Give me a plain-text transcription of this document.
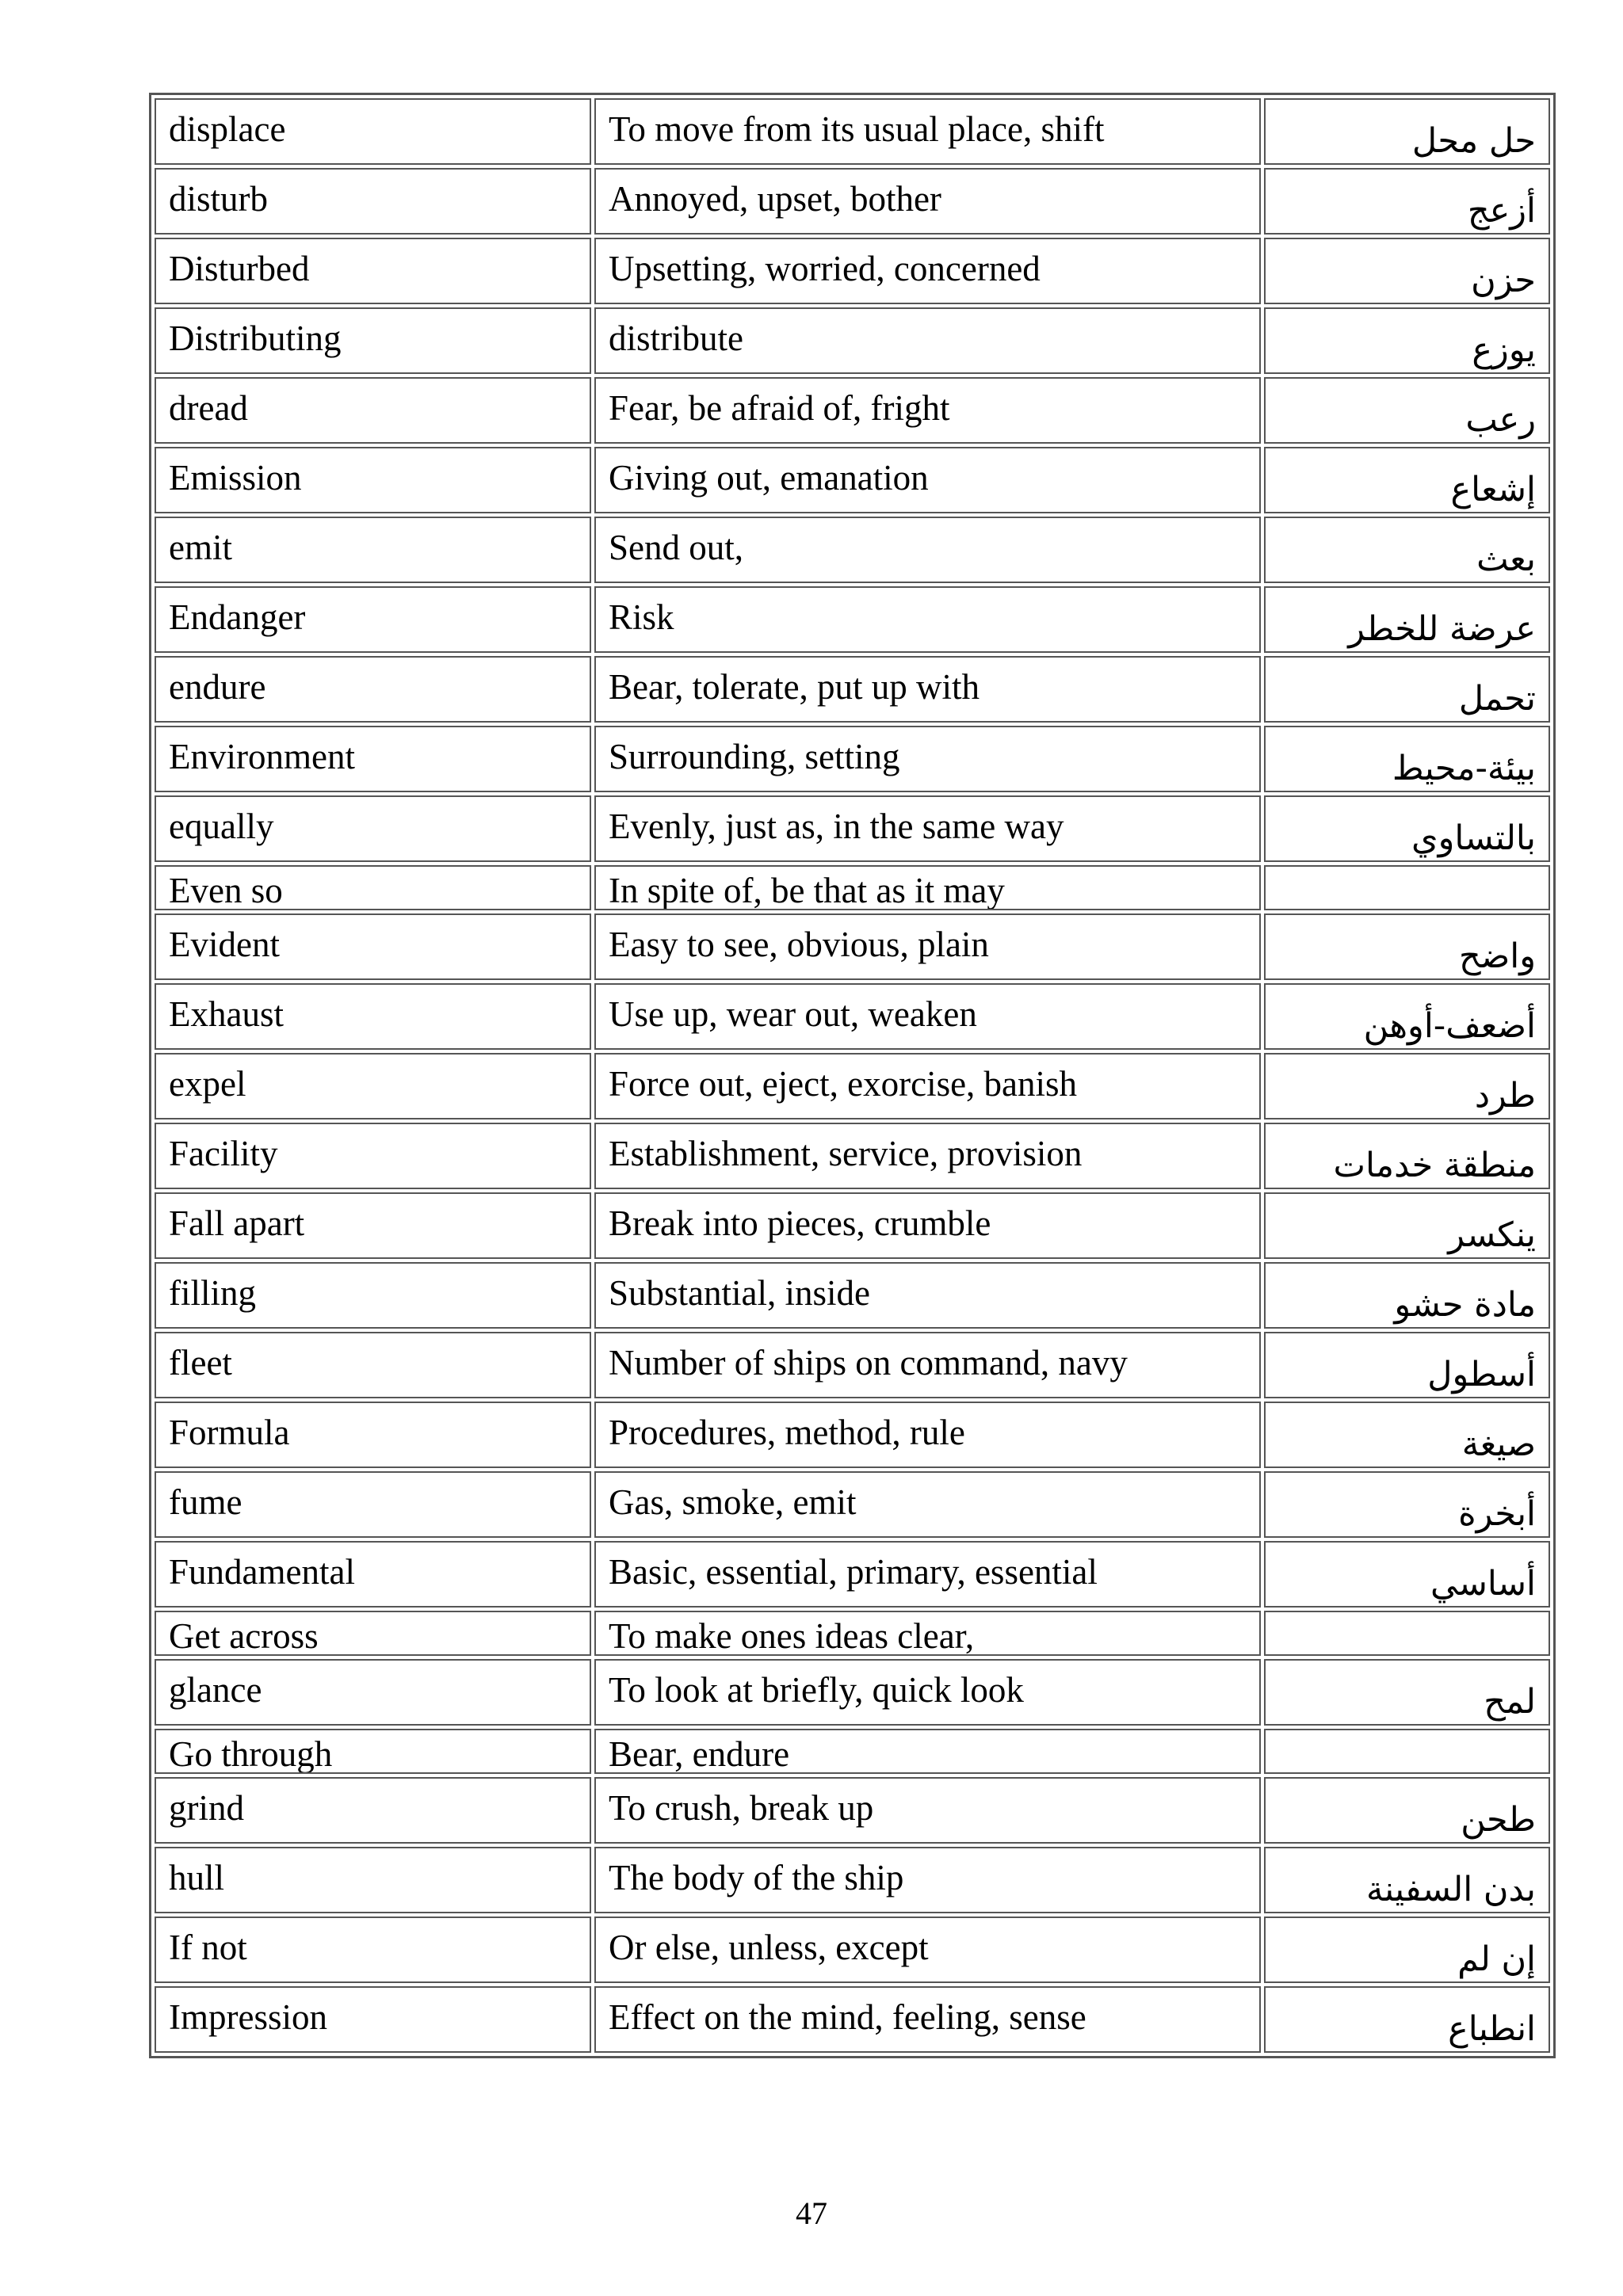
displace	To move from its usual place, shift	حل محل
disturb	Annoyed, upset, bother	أزعج
Disturbed	Upsetting, worried, concerned	حزن
Distributing	distribute	يوزع
dread	Fear, be afraid of, fright	رعب
Emission	Giving out, emanation	إشعاع
emit	Send out,	بعث
Endanger	Risk	عرضة للخطر
endure	Bear, tolerate, put up with	تحمل
Environment	Surrounding, setting	بيئة-محيط
equally	Evenly, just as, in the same way	بالتساوي
Even so	In spite of, be that as it may	
Evident	Easy to see, obvious, plain	واضح
Exhaust	Use up, wear out, weaken	أضعف-أوهن
expel	Force out, eject, exorcise, banish	طرد
Facility	Establishment, service, provision	منطقة خدمات
Fall apart	Break into pieces, crumble	ينكسر
filling	Substantial, inside	مادة حشو
fleet	Number of ships on command, navy	أسطول
Formula	Procedures, method, rule	صيغة
fume	Gas, smoke, emit	أبخرة
Fundamental	Basic, essential, primary, essential	أساسي
Get across	To make ones ideas clear,	
glance	To look at briefly, quick look	لمح
Go through	Bear, endure	
grind	To crush, break up	طحن
hull	The body of the ship	بدن السفينة
If not	Or else, unless, except	إن لم
Impression	Effect on the mind, feeling, sense	انطباع
47
